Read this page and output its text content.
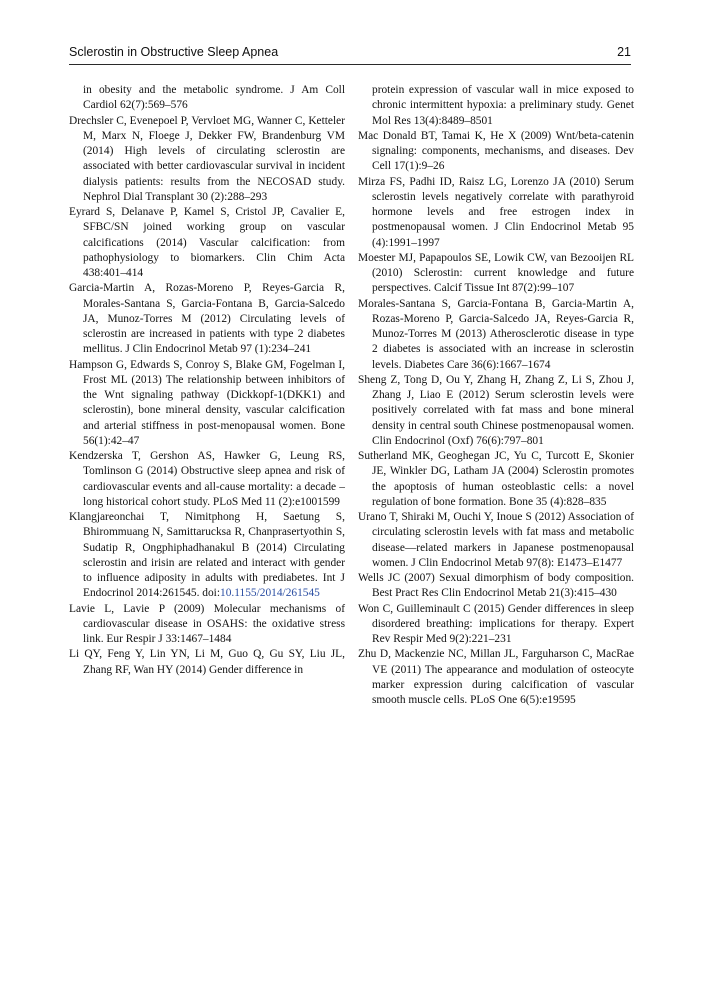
Sclerostin in Obstructive Sleep Apnea	21
in obesity and the metabolic syndrome. J Am Coll Cardiol 62(7):569–576
Drechsler C, Evenepoel P, Vervloet MG, Wanner C, Ketteler M, Marx N, Floege J, Dekker FW, Brandenburg VM (2014) High levels of circulating sclerostin are associated with better cardiovascular survival in incident dialysis patients: results from the NECOSAD study. Nephrol Dial Transplant 30 (2):288–293
Eyrard S, Delanave P, Kamel S, Cristol JP, Cavalier E, SFBC/SN joined working group on vascular calcifications (2014) Vascular calcification: from pathophysiology to biomarkers. Clin Chim Acta 438:401–414
Garcia-Martin A, Rozas-Moreno P, Reyes-Garcia R, Morales-Santana S, Garcia-Fontana B, Garcia-Salcedo JA, Munoz-Torres M (2012) Circulating levels of sclerostin are increased in patients with type 2 diabetes mellitus. J Clin Endocrinol Metab 97 (1):234–241
Hampson G, Edwards S, Conroy S, Blake GM, Fogelman I, Frost ML (2013) The relationship between inhibitors of the Wnt signaling pathway (Dickkopf-1(DKK1) and sclerostin), bone mineral density, vascular calcification and arterial stiffness in post-menopausal women. Bone 56(1):42–47
Kendzerska T, Gershon AS, Hawker G, Leung RS, Tomlinson G (2014) Obstructive sleep apnea and risk of cardiovascular events and all-cause mortality: a decade –long historical cohort study. PLoS Med 11 (2):e1001599
Klangjareonchai T, Nimitphong H, Saetung S, Bhirommuang N, Samittarucksa R, Chanprasertyothin S, Sudatip R, Ongphiphadhanakul B (2014) Circulating sclerostin and irisin are related and interact with gender to influence adiposity in adults with prediabetes. Int J Endocrinol 2014:261545. doi:10.1155/2014/261545
Lavie L, Lavie P (2009) Molecular mechanisms of cardiovascular disease in OSAHS: the oxidative stress link. Eur Respir J 33:1467–1484
Li QY, Feng Y, Lin YN, Li M, Guo Q, Gu SY, Liu JL, Zhang RF, Wan HY (2014) Gender difference in
protein expression of vascular wall in mice exposed to chronic intermittent hypoxia: a preliminary study. Genet Mol Res 13(4):8489–8501
Mac Donald BT, Tamai K, He X (2009) Wnt/beta-catenin signaling: components, mechanisms, and diseases. Dev Cell 17(1):9–26
Mirza FS, Padhi ID, Raisz LG, Lorenzo JA (2010) Serum sclerostin levels negatively correlate with parathyroid hormone levels and free estrogen index in postmenopausal women. J Clin Endocrinol Metab 95 (4):1991–1997
Moester MJ, Papapoulos SE, Lowik CW, van Bezooijen RL (2010) Sclerostin: current knowledge and future perspectives. Calcif Tissue Int 87(2):99–107
Morales-Santana S, Garcia-Fontana B, Garcia-Martin A, Rozas-Moreno P, Garcia-Salcedo JA, Reyes-Garcia R, Munoz-Torres M (2013) Atherosclerotic disease in type 2 diabetes is associated with an increase in sclerostin levels. Diabetes Care 36(6):1667–1674
Sheng Z, Tong D, Ou Y, Zhang H, Zhang Z, Li S, Zhou J, Zhang J, Liao E (2012) Serum sclerostin levels were positively correlated with fat mass and bone mineral density in central south Chinese postmenopausal women. Clin Endocrinol (Oxf) 76(6):797–801
Sutherland MK, Geoghegan JC, Yu C, Turcott E, Skonier JE, Winkler DG, Latham JA (2004) Sclerostin promotes the apoptosis of human osteoblastic cells: a novel regulation of bone formation. Bone 35 (4):828–835
Urano T, Shiraki M, Ouchi Y, Inoue S (2012) Association of circulating sclerostin levels with fat mass and metabolic disease—related markers in Japanese postmenopausal women. J Clin Endocrinol Metab 97(8): E1473–E1477
Wells JC (2007) Sexual dimorphism of body composition. Best Pract Res Clin Endocrinol Metab 21(3):415–430
Won C, Guilleminault C (2015) Gender differences in sleep disordered breathing: implications for therapy. Expert Rev Respir Med 9(2):221–231
Zhu D, Mackenzie NC, Millan JL, Farguharson C, MacRae VE (2011) The appearance and modulation of osteocyte marker expression during calcification of vascular smooth muscle cells. PLoS One 6(5):e19595
